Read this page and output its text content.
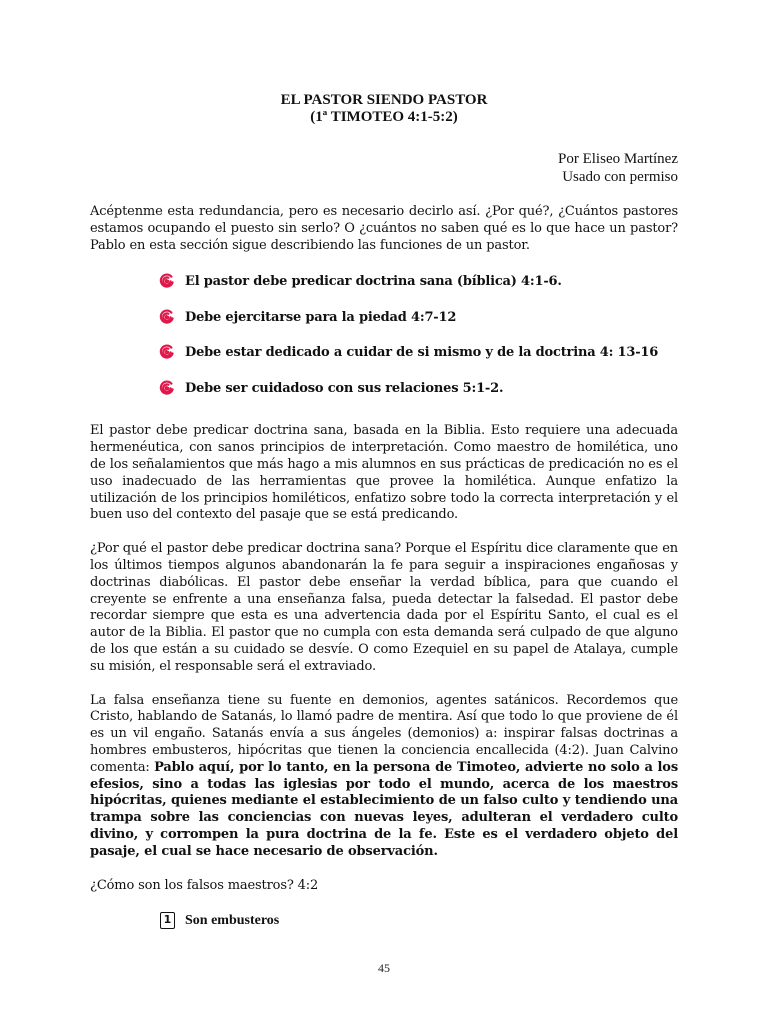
EL PASTOR SIENDO PASTOR

(1ª TIMOTEO 4:1-5:2)

Por Eliseo Martínez
Usado con permiso

Acéptenme esta redundancia, pero es necesario decirlo así. ¿Por qué?, ¿Cuántos pastores estamos ocupando el puesto sin serlo? O ¿cuántos no saben qué es lo que hace un pastor? Pablo en esta sección sigue describiendo las funciones de un pastor.

El pastor debe predicar doctrina sana (bíblica) 4:1-6.
Debe ejercitarse para la piedad 4:7-12
Debe estar dedicado a cuidar de si mismo y de la doctrina 4: 13-16
Debe ser cuidadoso con sus relaciones 5:1-2.

El pastor debe predicar doctrina sana, basada en la Biblia. Esto requiere una adecuada hermenéutica, con sanos principios de interpretación. Como maestro de homilética, uno de los señalamientos que más hago a mis alumnos en sus prácticas de predicación no es el uso inadecuado de las herramientas que provee la homilética. Aunque enfatizo la utilización de los principios homiléticos, enfatizo sobre todo la correcta interpretación y el buen uso del contexto del pasaje que se está predicando.

¿Por qué el pastor debe predicar doctrina sana? Porque el Espíritu dice claramente que en los últimos tiempos algunos abandonarán la fe para seguir a inspiraciones engañosas y doctrinas diabólicas. El pastor debe enseñar la verdad bíblica, para que cuando el creyente se enfrente a una enseñanza falsa, pueda detectar la falsedad. El pastor debe recordar siempre que esta es una advertencia dada por el Espíritu Santo, el cual es el autor de la Biblia. El pastor que no cumpla con esta demanda será culpado de que alguno de los que están a su cuidado se desvíe. O como Ezequiel en su papel de Atalaya, cumple su misión, el responsable será el extraviado.

La falsa enseñanza tiene su fuente en demonios, agentes satánicos. Recordemos que Cristo, hablando de Satanás, lo llamó padre de mentira. Así que todo lo que proviene de él es un vil engaño. Satanás envía a sus ángeles (demonios) a: inspirar falsas doctrinas a hombres embusteros, hipócritas que tienen la conciencia encallecida (4:2). Juan Calvino comenta: Pablo aquí, por lo tanto, en la persona de Timoteo, advierte no solo a los efesios, sino a todas las iglesias por todo el mundo, acerca de los maestros hipócritas, quienes mediante el establecimiento de un falso culto y tendiendo una trampa sobre las conciencias con nuevas leyes, adulteran el verdadero culto divino, y corrompen la pura doctrina de la fe. Este es el verdadero objeto del pasaje, el cual se hace necesario de observación.

¿Cómo son los falsos maestros? 4:2

1 Son embusteros
45
